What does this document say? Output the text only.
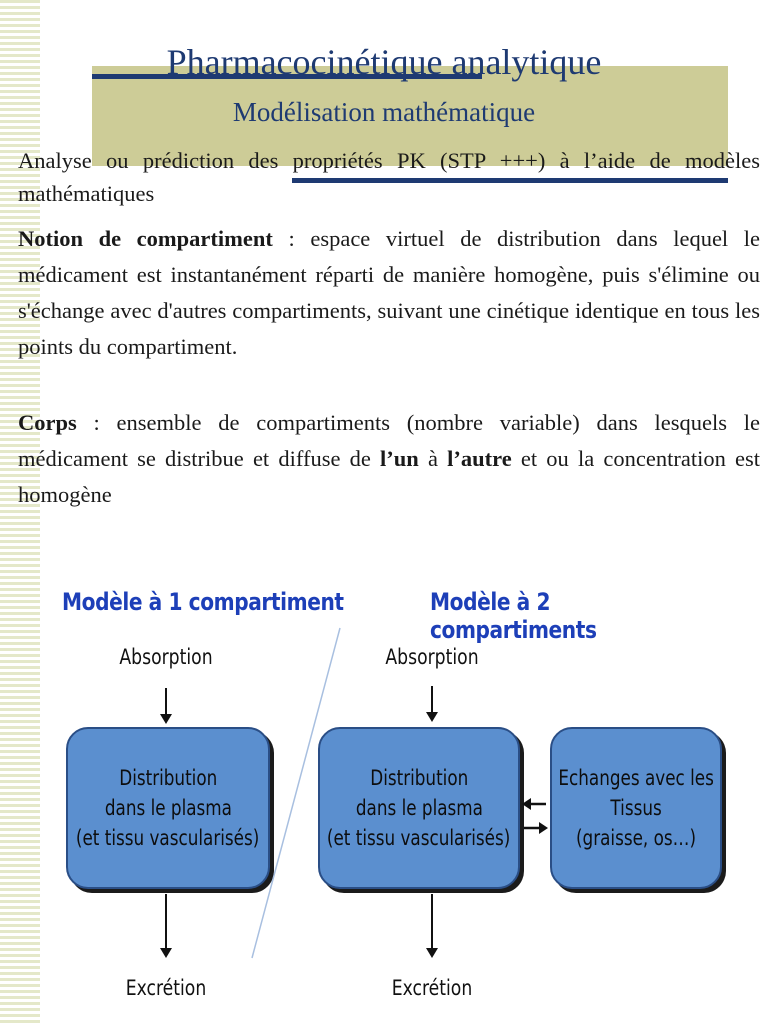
Pharmacocinétique analytique
Modélisation mathématique
Analyse ou prédiction des propriétés PK (STP +++) à l’aide de modèles mathématiques
Notion de compartiment : espace virtuel de distribution dans lequel le médicament est instantanément réparti de manière homogène, puis s'élimine ou s'échange avec d'autres compartiments, suivant une cinétique identique en tous les points du compartiment.
Corps : ensemble de compartiments (nombre variable) dans lesquels le médicament se distribue et diffuse de l’un à l’autre et ou la concentration est homogène
Modèle à 1 compartiment
Absorption
Distribution
dans le plasma
(et tissu vascularisés)
Excrétion
Modèle à 2 compartiments
Absorption
Distribution
dans le plasma
(et tissu vascularisés)
Echanges avec les
Tissus
(graisse, os…)
Excrétion
